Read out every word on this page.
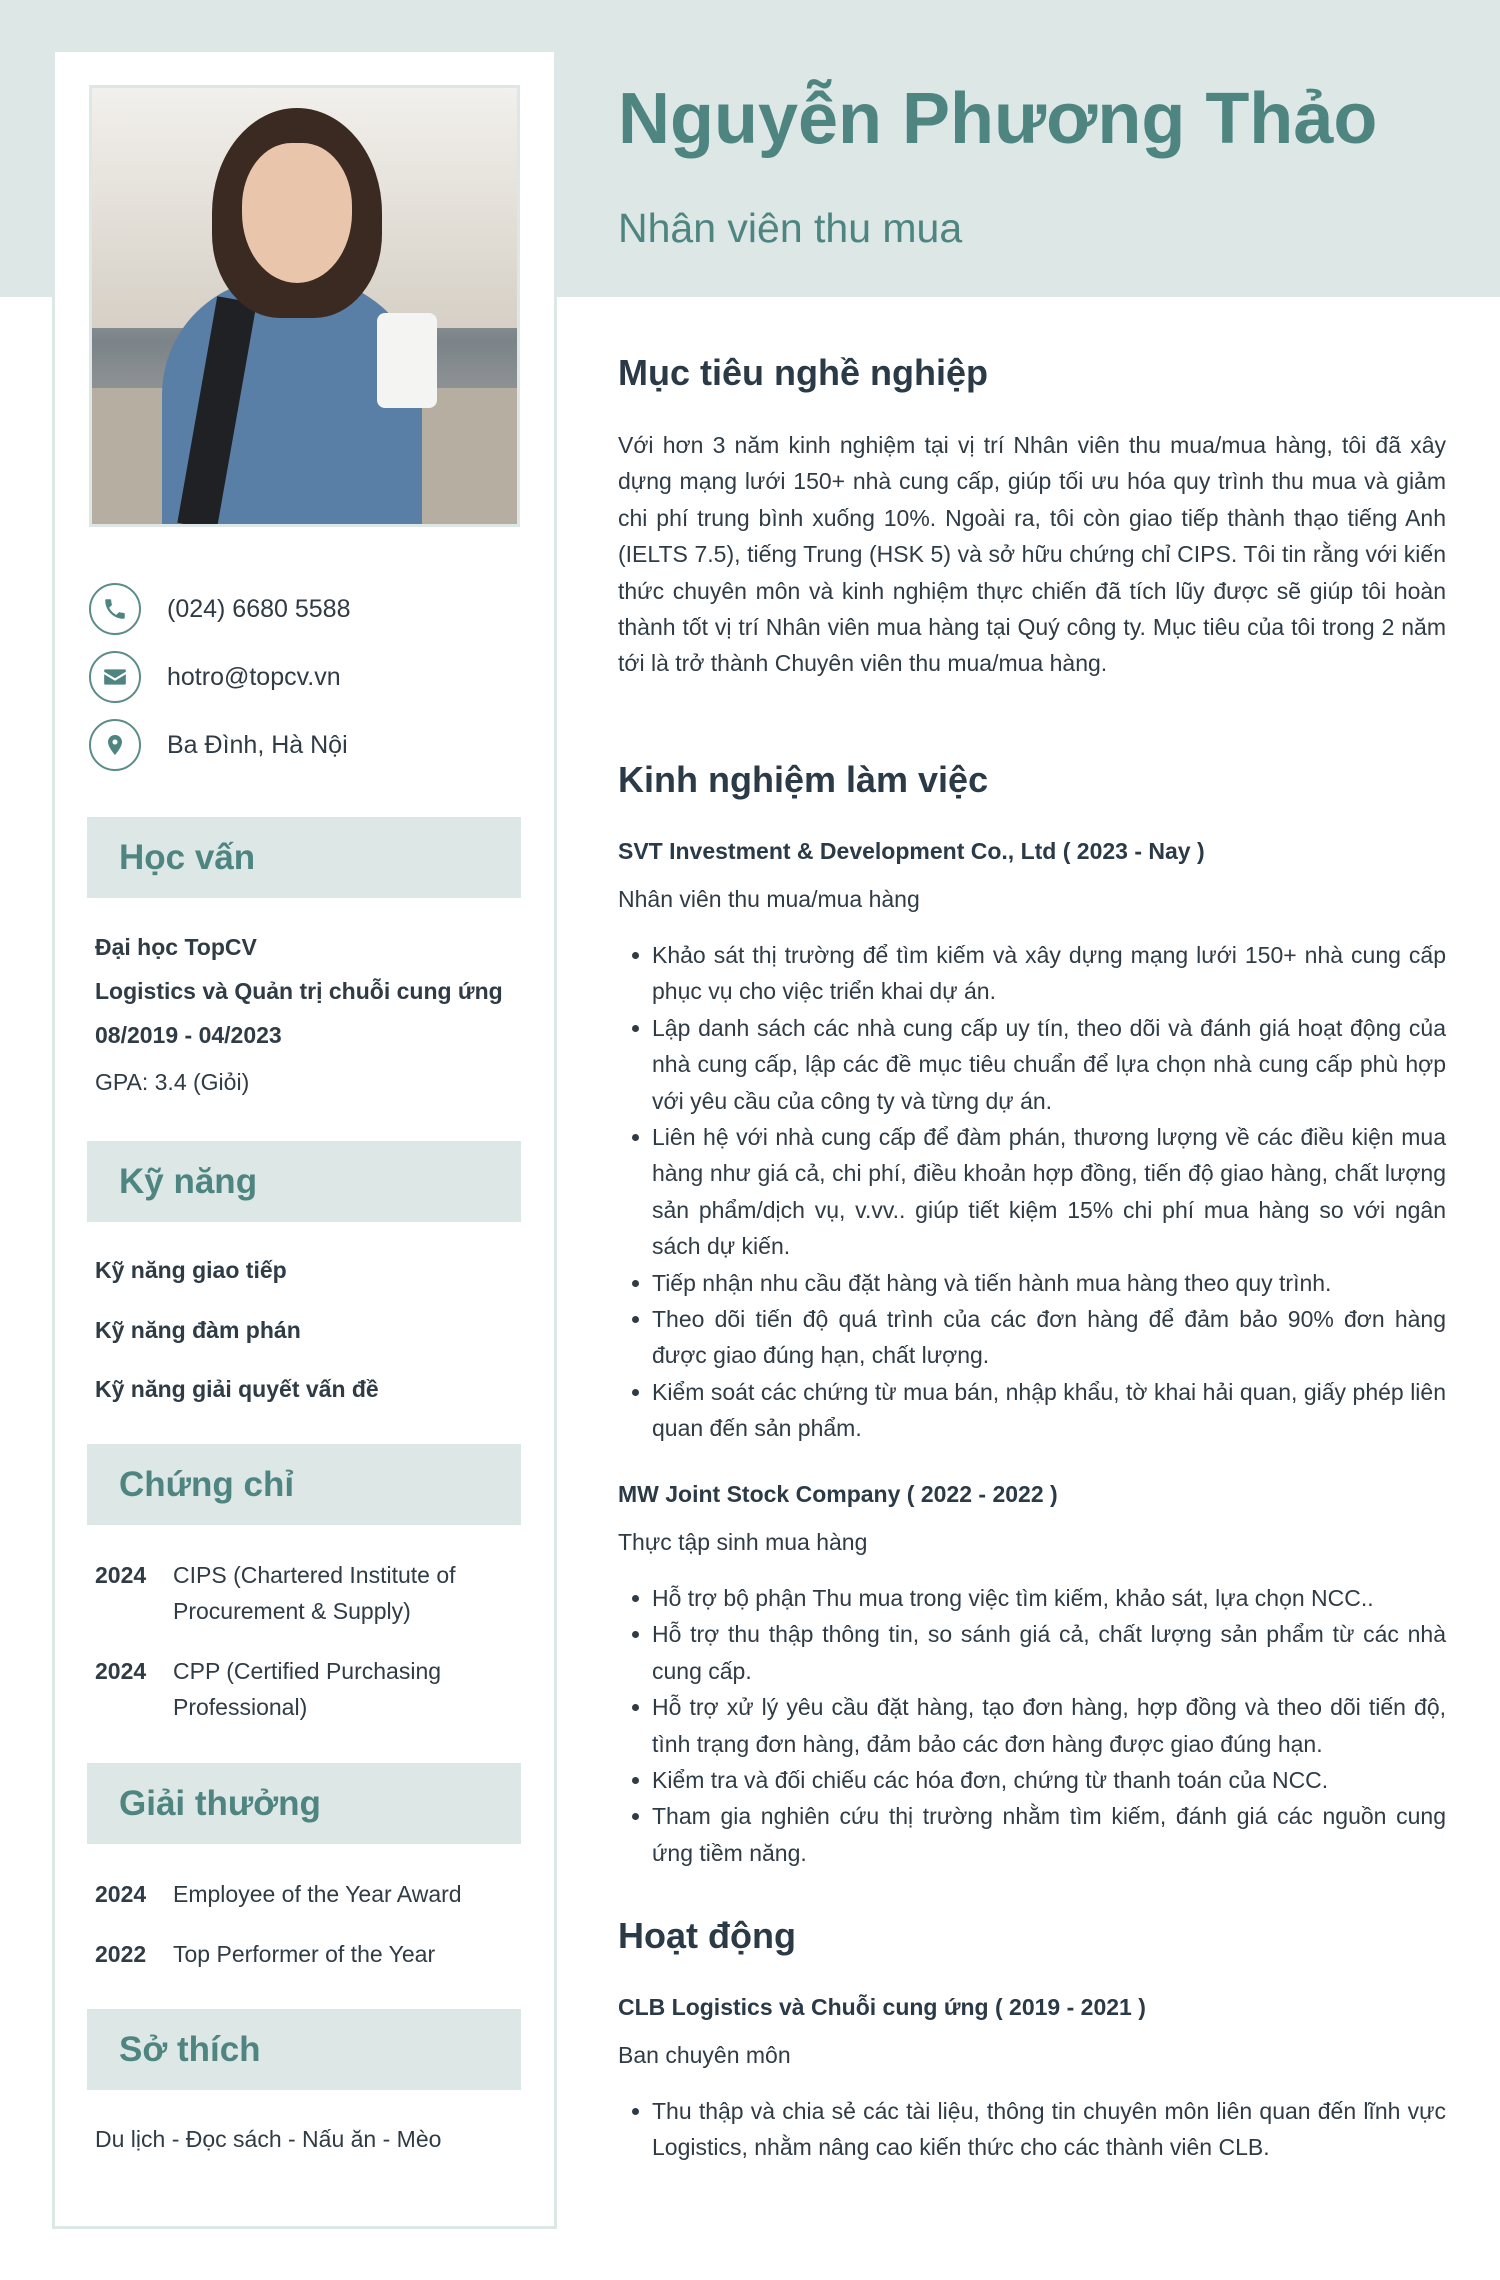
(024) 6680 5588
hotro@topcv.vn
Ba Đình, Hà Nội
Học vấn
Đại học TopCV
Logistics và Quản trị chuỗi cung ứng
08/2019 - 04/2023
GPA: 3.4 (Giỏi)
Kỹ năng
Kỹ năng giao tiếp
Kỹ năng đàm phán
Kỹ năng giải quyết vấn đề
Chứng chỉ
2024	CIPS (Chartered Institute of Procurement & Supply)
2024	CPP (Certified Purchasing Professional)
Giải thưởng
2024	Employee of the Year Award
2022	Top Performer of the Year
Sở thích
Du lịch - Đọc sách - Nấu ăn - Mèo
Nguyễn Phương Thảo
Nhân viên thu mua
Mục tiêu nghề nghiệp
Với hơn 3 năm kinh nghiệm tại vị trí Nhân viên thu mua/mua hàng, tôi đã xây dựng mạng lưới 150+ nhà cung cấp, giúp tối ưu hóa quy trình thu mua và giảm chi phí trung bình xuống 10%. Ngoài ra, tôi còn giao tiếp thành thạo tiếng Anh (IELTS 7.5), tiếng Trung (HSK 5) và sở hữu chứng chỉ CIPS. Tôi tin rằng với kiến thức chuyên môn và kinh nghiệm thực chiến đã tích lũy được sẽ giúp tôi hoàn thành tốt vị trí Nhân viên mua hàng tại Quý công ty. Mục tiêu của tôi trong 2 năm tới là trở thành Chuyên viên thu mua/mua hàng.
Kinh nghiệm làm việc
SVT Investment & Development Co., Ltd ( 2023 - Nay )
Nhân viên thu mua/mua hàng
Khảo sát thị trường để tìm kiếm và xây dựng mạng lưới 150+ nhà cung cấp phục vụ cho việc triển khai dự án.
Lập danh sách các nhà cung cấp uy tín, theo dõi và đánh giá hoạt động của nhà cung cấp, lập các đề mục tiêu chuẩn để lựa chọn nhà cung cấp phù hợp với yêu cầu của công ty và từng dự án.
Liên hệ với nhà cung cấp để đàm phán, thương lượng về các điều kiện mua hàng như giá cả, chi phí, điều khoản hợp đồng, tiến độ giao hàng, chất lượng sản phẩm/dịch vụ, v.vv.. giúp tiết kiệm 15% chi phí mua hàng so với ngân sách dự kiến.
Tiếp nhận nhu cầu đặt hàng và tiến hành mua hàng theo quy trình.
Theo dõi tiến độ quá trình của các đơn hàng để đảm bảo 90% đơn hàng được giao đúng hạn, chất lượng.
Kiểm soát các chứng từ mua bán, nhập khẩu, tờ khai hải quan, giấy phép liên quan đến sản phẩm.
MW Joint Stock Company ( 2022 - 2022 )
Thực tập sinh mua hàng
Hỗ trợ bộ phận Thu mua trong việc tìm kiếm, khảo sát, lựa chọn NCC..
Hỗ trợ thu thập thông tin, so sánh giá cả, chất lượng sản phẩm từ các nhà cung cấp.
Hỗ trợ xử lý yêu cầu đặt hàng, tạo đơn hàng, hợp đồng và theo dõi tiến độ, tình trạng đơn hàng, đảm bảo các đơn hàng được giao đúng hạn.
Kiểm tra và đối chiếu các hóa đơn, chứng từ thanh toán của NCC.
Tham gia nghiên cứu thị trường nhằm tìm kiếm, đánh giá các nguồn cung ứng tiềm năng.
Hoạt động
CLB Logistics và Chuỗi cung ứng ( 2019 - 2021 )
Ban chuyên môn
Thu thập và chia sẻ các tài liệu, thông tin chuyên môn liên quan đến lĩnh vực Logistics, nhằm nâng cao kiến thức cho các thành viên CLB.
